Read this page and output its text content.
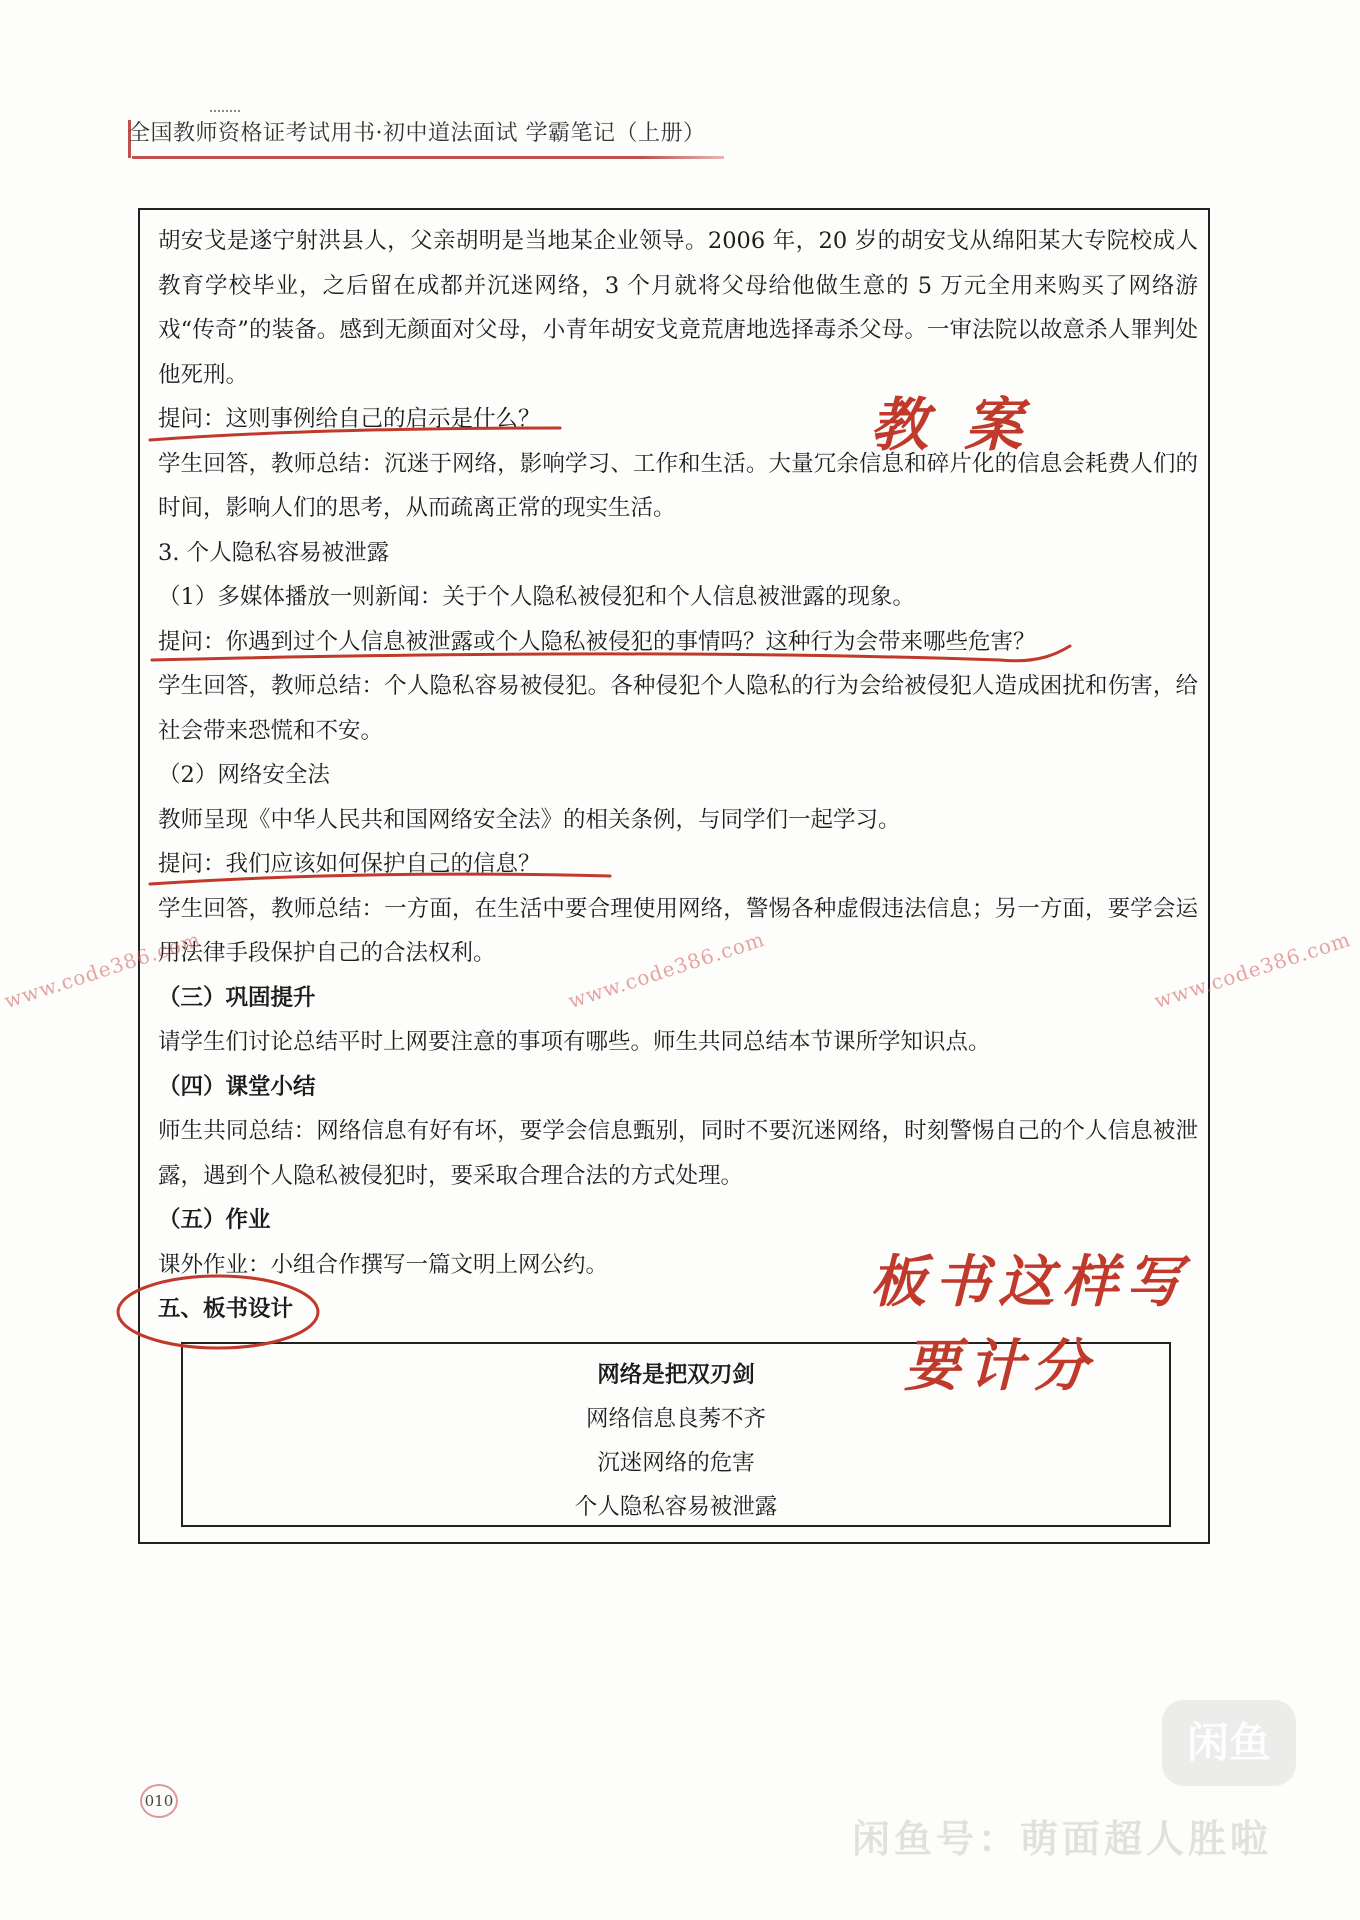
全国教师资格证考试用书·初中道法面试 学霸笔记（上册）

胡安戈是遂宁射洪县人，父亲胡明是当地某企业领导。2006 年，20 岁的胡安戈从绵阳某大专院校成人教育学校毕业，之后留在成都并沉迷网络，3 个月就将父母给他做生意的 5 万元全用来购买了网络游戏“传奇”的装备。感到无颜面对父母，小青年胡安戈竟荒唐地选择毒杀父母。一审法院以故意杀人罪判处他死刑。

提问：这则事例给自己的启示是什么？

学生回答，教师总结：沉迷于网络，影响学习、工作和生活。大量冗余信息和碎片化的信息会耗费人们的时间，影响人们的思考，从而疏离正常的现实生活。

3. 个人隐私容易被泄露

（1）多媒体播放一则新闻：关于个人隐私被侵犯和个人信息被泄露的现象。

提问：你遇到过个人信息被泄露或个人隐私被侵犯的事情吗？这种行为会带来哪些危害？

学生回答，教师总结：个人隐私容易被侵犯。各种侵犯个人隐私的行为会给被侵犯人造成困扰和伤害，给社会带来恐慌和不安。

（2）网络安全法

教师呈现《中华人民共和国网络安全法》的相关条例，与同学们一起学习。

提问：我们应该如何保护自己的信息？

学生回答，教师总结：一方面，在生活中要合理使用网络，警惕各种虚假违法信息；另一方面，要学会运用法律手段保护自己的合法权利。

（三）巩固提升

请学生们讨论总结平时上网要注意的事项有哪些。师生共同总结本节课所学知识点。

（四）课堂小结

师生共同总结：网络信息有好有坏，要学会信息甄别，同时不要沉迷网络，时刻警惕自己的个人信息被泄露，遇到个人隐私被侵犯时，要采取合理合法的方式处理。

（五）作业

课外作业：小组合作撰写一篇文明上网公约。

五、板书设计

网络是把双刃剑
网络信息良莠不齐
沉迷网络的危害
个人隐私容易被泄露
教 案
板书这样写
要计分
www.code386.com	www.code386.com	www.code386.com
010
闲鱼
闲鱼号：萌面超人胜啦
